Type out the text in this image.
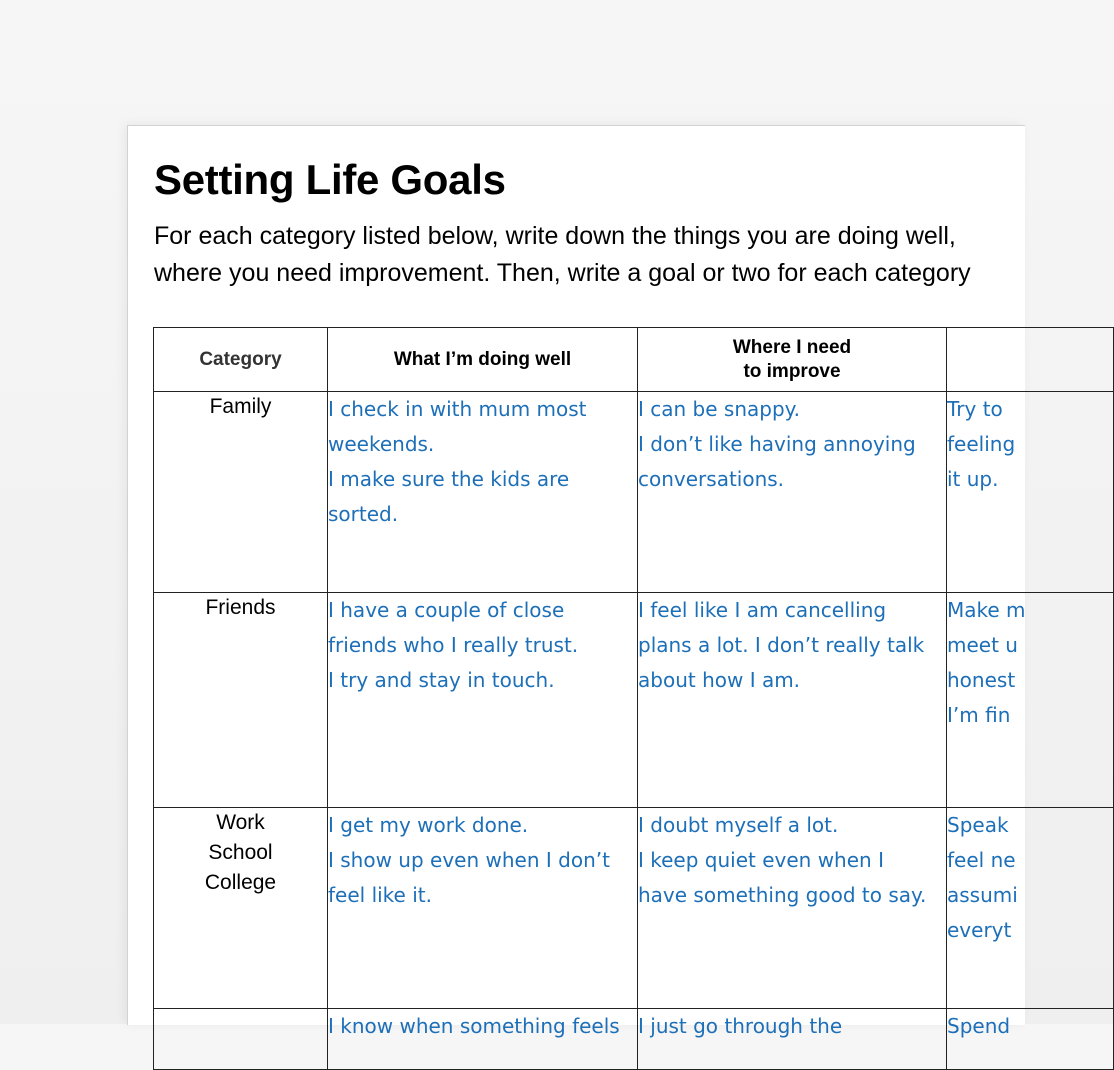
Setting Life Goals

For each category listed below, write down the things you are doing well,
where you need improvement. Then, write a goal or two for each category

Category	What I’m doing well	Where I need
to improve	

Family	I check in with mum most
weekends.
I make sure the kids are
sorted.	I can be snappy.
I don’t like having annoying
conversations.	Try to
feeling
it up.

Friends	I have a couple of close
friends who I really trust.
I try and stay in touch.	I feel like I am cancelling
plans a lot. I don’t really talk
about how I am.	Make m
meet u
honest
I’m fin

Work
School
College	I get my work done.
I show up even when I don’t
feel like it.	I doubt myself a lot.
I keep quiet even when I
have something good to say.	Speak
feel ne
assumi
everyt

	I know when something feels	I just go through the	Spend
